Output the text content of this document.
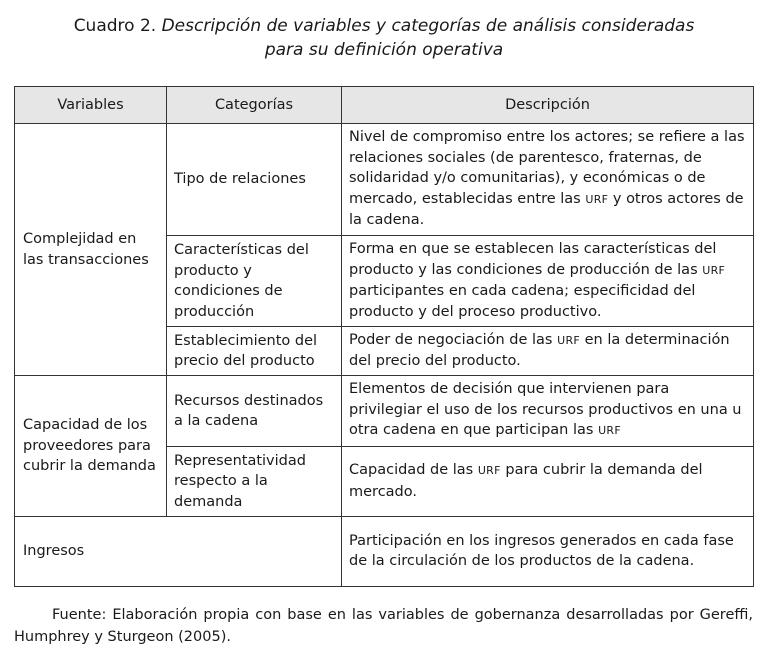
Cuadro 2. Descripción de variables y categorías de análisis consideradas
para su definición operativa
Variables	Categorías	Descripción
Complejidad en las transacciones	Tipo de relaciones	Nivel de compromiso entre los actores; se refiere a las relaciones sociales (de parentesco, fraternas, de solidaridad y/o comunitarias), y económicas o de mercado, establecidas entre las URF y otros actores de la cadena.
	Características del producto y condiciones de producción	Forma en que se establecen las características del producto y las condiciones de producción de las URF participantes en cada cadena; especificidad del producto y del proceso productivo.
	Establecimiento del precio del producto	Poder de negociación de las URF en la determinación del precio del producto.
Capacidad de los proveedores para cubrir la demanda	Recursos destinados a la cadena	Elementos de decisión que intervienen para privilegiar el uso de los recursos productivos en una u otra cadena en que participan las URF
	Representatividad respecto a la demanda	Capacidad de las URF para cubrir la demanda del mercado.
Ingresos		Participación en los ingresos generados en cada fase de la circulación de los productos de la cadena.
Fuente: Elaboración propia con base en las variables de gobernanza desarrolladas por Gereffi, Humphrey y Sturgeon (2005).
